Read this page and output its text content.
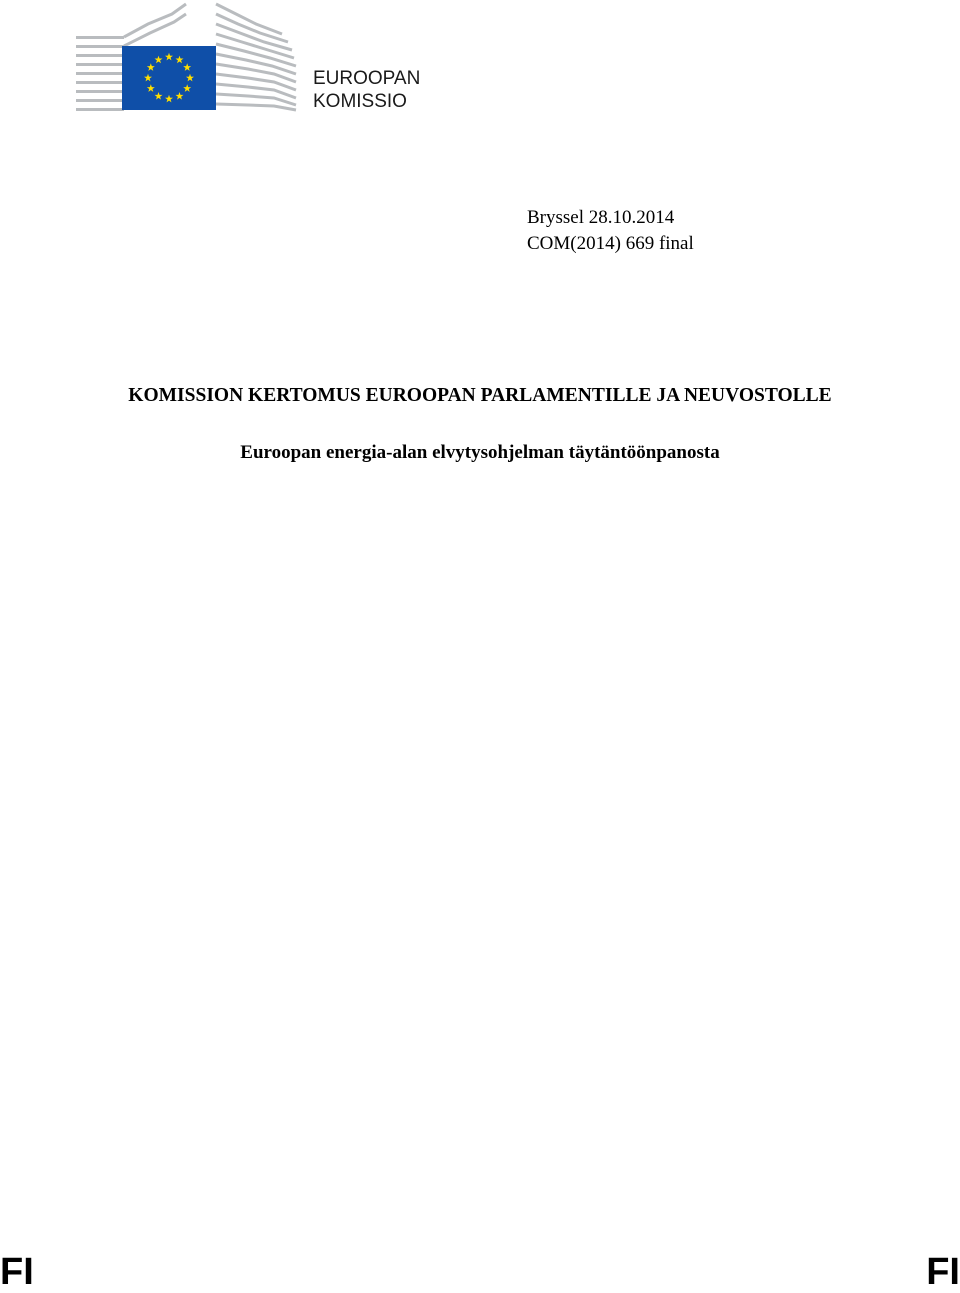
EUROOPAN
KOMISSIO
Bryssel 28.10.2014
COM(2014) 669 final
KOMISSION KERTOMUS EUROOPAN PARLAMENTILLE JA NEUVOSTOLLE
Euroopan energia-alan elvytysohjelman täytäntöönpanosta
FI	FI
